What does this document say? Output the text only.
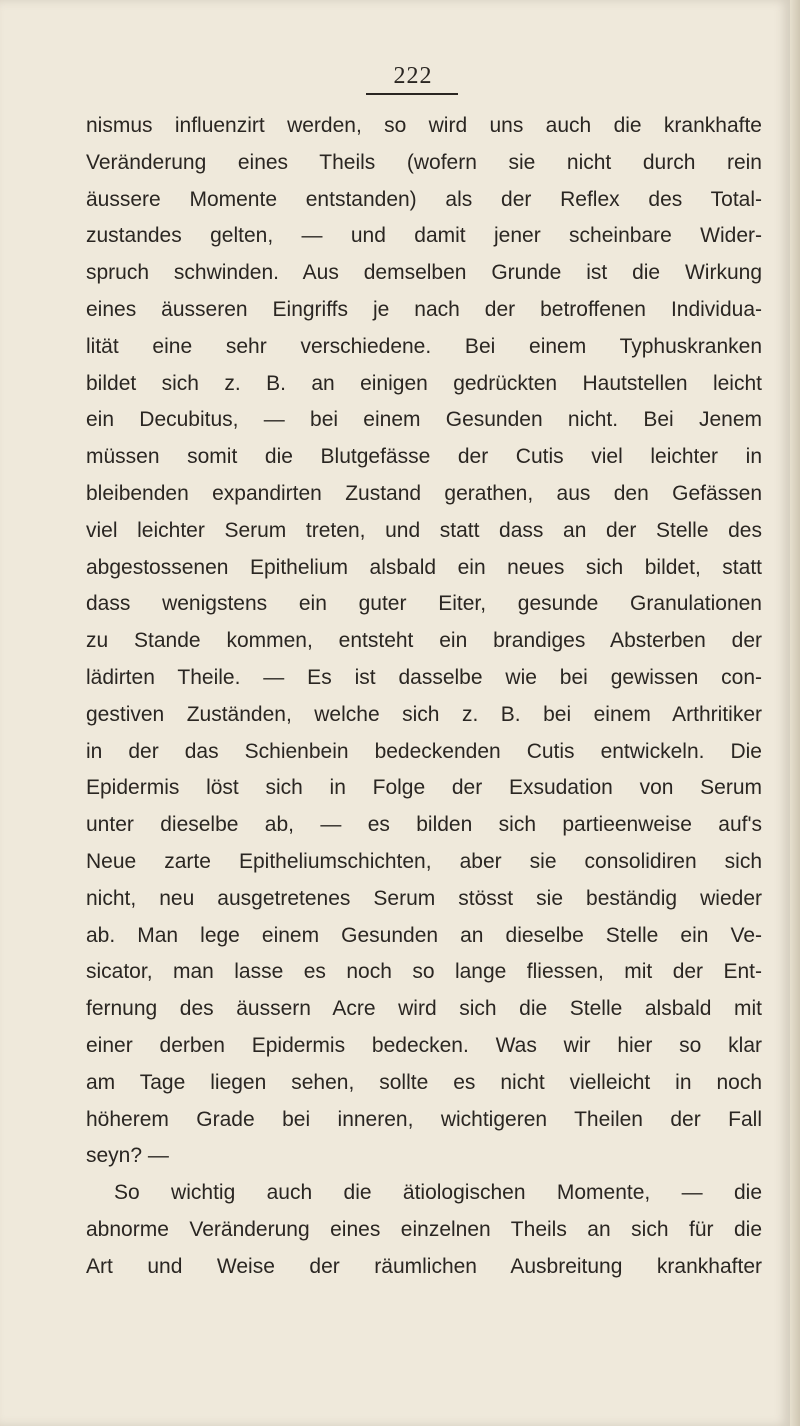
222
nismus influenzirt werden, so wird uns auch die krankhafte
Veränderung eines Theils (wofern sie nicht durch rein
äussere Momente entstanden) als der Reflex des Total-
zustandes gelten, — und damit jener scheinbare Wider-
spruch schwinden. Aus demselben Grunde ist die Wirkung
eines äusseren Eingriffs je nach der betroffenen Individua-
lität eine sehr verschiedene. Bei einem Typhuskranken
bildet sich z. B. an einigen gedrückten Hautstellen leicht
ein Decubitus, — bei einem Gesunden nicht. Bei Jenem
müssen somit die Blutgefässe der Cutis viel leichter in
bleibenden expandirten Zustand gerathen, aus den Gefässen
viel leichter Serum treten, und statt dass an der Stelle des
abgestossenen Epithelium alsbald ein neues sich bildet, statt
dass wenigstens ein guter Eiter, gesunde Granulationen
zu Stande kommen, entsteht ein brandiges Absterben der
lädirten Theile. — Es ist dasselbe wie bei gewissen con-
gestiven Zuständen, welche sich z. B. bei einem Arthritiker
in der das Schienbein bedeckenden Cutis entwickeln. Die
Epidermis löst sich in Folge der Exsudation von Serum
unter dieselbe ab, — es bilden sich partieenweise auf's
Neue zarte Epitheliumschichten, aber sie consolidiren sich
nicht, neu ausgetretenes Serum stösst sie beständig wieder
ab. Man lege einem Gesunden an dieselbe Stelle ein Ve-
sicator, man lasse es noch so lange fliessen, mit der Ent-
fernung des äussern Acre wird sich die Stelle alsbald mit
einer derben Epidermis bedecken. Was wir hier so klar
am Tage liegen sehen, sollte es nicht vielleicht in noch
höherem Grade bei inneren, wichtigeren Theilen der Fall
seyn? —
So wichtig auch die ätiologischen Momente, — die
abnorme Veränderung eines einzelnen Theils an sich für die
Art und Weise der räumlichen Ausbreitung krankhafter
